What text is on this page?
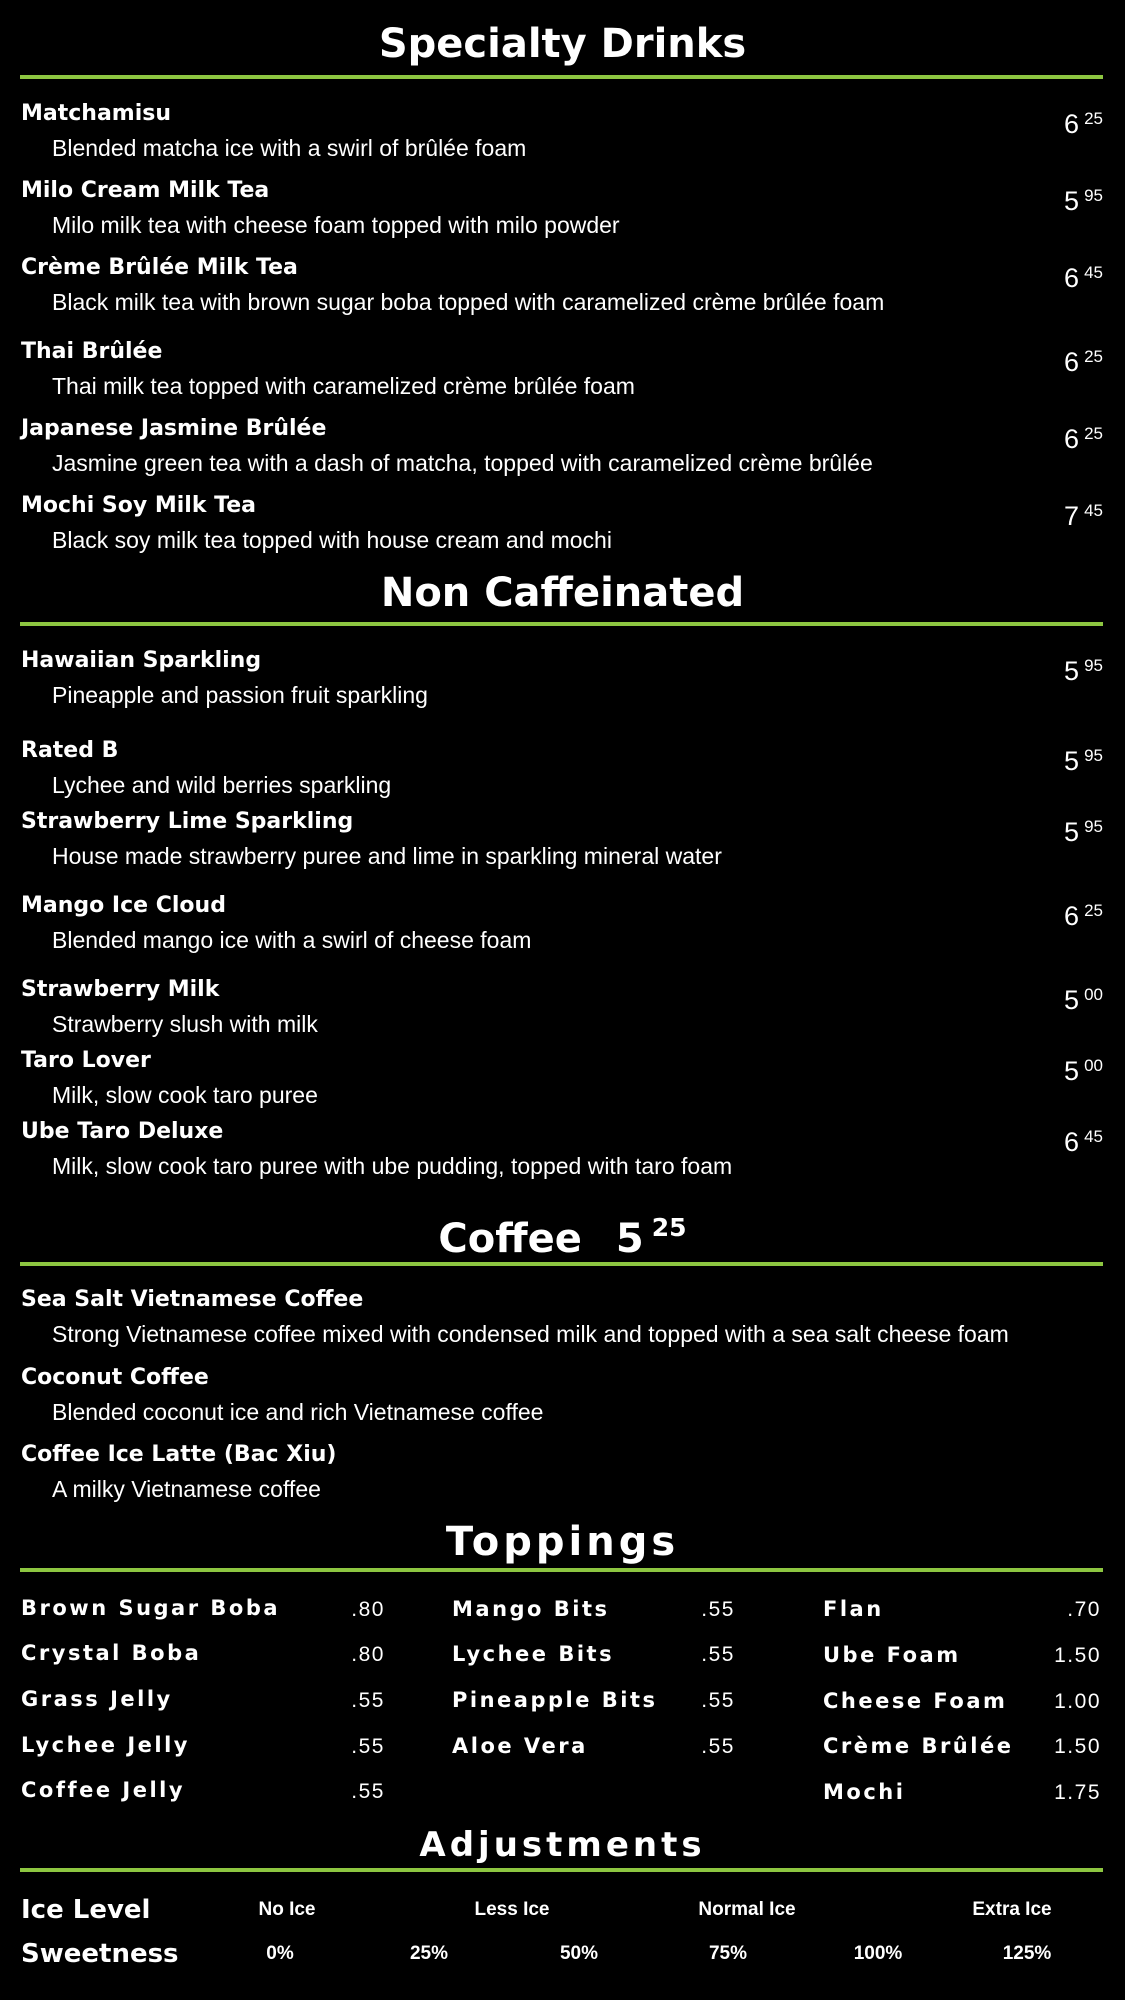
Specialty Drinks
Matchamisu
Blended matcha ice with a swirl of brûlée foam
6 $^{25}$
Milo Cream Milk Tea
Milo milk tea with cheese foam topped with milo powder
5 $^{95}$
Crème Brûlée Milk Tea
Black milk tea with brown sugar boba topped with caramelized crème brûlée foam
6 $^{45}$
Thai Brûlée
Thai milk tea topped with caramelized crème brûlée foam
6 $^{25}$
Japanese Jasmine Brûlée
Jasmine green tea with a dash of matcha, topped with caramelized crème brûlée
6 $^{25}$
Mochi Soy Milk Tea
Black soy milk tea topped with house cream and mochi
7 $^{45}$
Non Caffeinated
Hawaiian Sparkling
Pineapple and passion fruit sparkling
5 $^{95}$
Rated B
Lychee and wild berries sparkling
5 $^{95}$
Strawberry Lime Sparkling
House made strawberry puree and lime in sparkling mineral water
5 $^{95}$
Mango Ice Cloud
Blended mango ice with a swirl of cheese foam
6 $^{25}$
Strawberry Milk
Strawberry slush with milk
5 $^{00}$
Taro Lover
Milk, slow cook taro puree
5 $^{00}$
Ube Taro Deluxe
Milk, slow cook taro puree with ube pudding, topped with taro foam
6 $^{45}$
Coffee 5 $^{25}$
Sea Salt Vietnamese Coffee
Strong Vietnamese coffee mixed with condensed milk and topped with a sea salt cheese foam
Coconut Coffee
Blended coconut ice and rich Vietnamese coffee
Coffee Ice Latte (Bac Xiu)
A milky Vietnamese coffee
Toppings
Brown Sugar Boba	.80
Crystal Boba	.80
Grass Jelly	.55
Lychee Jelly	.55
Coffee Jelly	.55
Mango Bits	.55
Lychee Bits	.55
Pineapple Bits	.55
Aloe Vera	.55
Flan	.70
Ube Foam	1.50
Cheese Foam	1.00
Crème Brûlée	1.50
Mochi	1.75
Adjustments
Ice Level	No Ice	Less Ice	Normal Ice	Extra Ice
Sweetness	0%	25%	50%	75%	100%	125%
